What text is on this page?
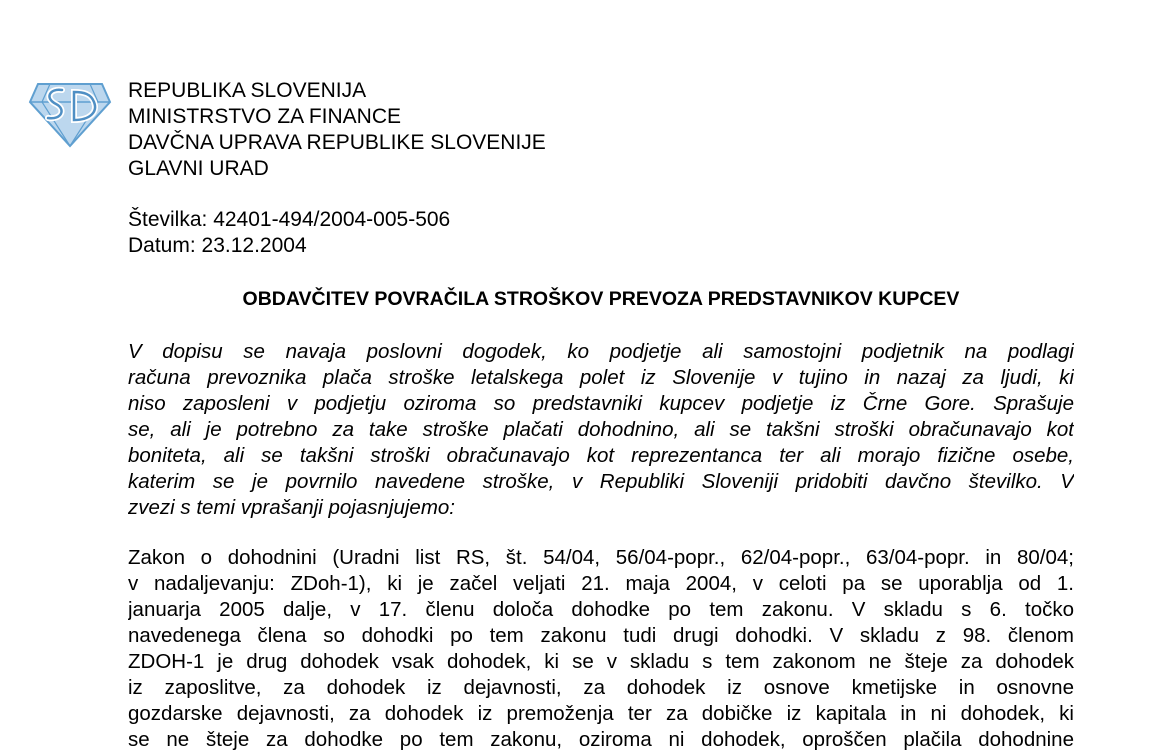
REPUBLIKA SLOVENIJA
MINISTRSTVO ZA FINANCE
DAVČNA UPRAVA REPUBLIKE SLOVENIJE
GLAVNI URAD
Številka: 42401-494/2004-005-506
Datum: 23.12.2004
OBDAVČITEV POVRAČILA STROŠKOV PREVOZA PREDSTAVNIKOV KUPCEV
V dopisu se navaja poslovni dogodek, ko podjetje ali samostojni podjetnik na podlagi
računa prevoznika plača stroške letalskega polet iz Slovenije v tujino in nazaj za ljudi, ki
niso zaposleni v podjetju oziroma so predstavniki kupcev podjetje iz Črne Gore. Sprašuje
se, ali je potrebno za take stroške plačati dohodnino, ali se takšni stroški obračunavajo kot
boniteta, ali se takšni stroški obračunavajo kot reprezentanca ter ali morajo fizične osebe,
katerim se je povrnilo navedene stroške, v Republiki Sloveniji pridobiti davčno številko. V
zvezi s temi vprašanji pojasnjujemo:
Zakon o dohodnini (Uradni list RS, št. 54/04, 56/04-popr., 62/04-popr., 63/04-popr. in 80/04;
v nadaljevanju: ZDoh-1), ki je začel veljati 21. maja 2004, v celoti pa se uporablja od 1.
januarja 2005 dalje, v 17. členu določa dohodke po tem zakonu. V skladu s 6. točko
navedenega člena so dohodki po tem zakonu tudi drugi dohodki. V skladu z 98. členom
ZDOH-1 je drug dohodek vsak dohodek, ki se v skladu s tem zakonom ne šteje za dohodek
iz zaposlitve, za dohodek iz dejavnosti, za dohodek iz osnove kmetijske in osnovne
gozdarske dejavnosti, za dohodek iz premoženja ter za dobičke iz kapitala in ni dohodek, ki
se ne šteje za dohodke po tem zakonu, oziroma ni dohodek, oproščen plačila dohodnine
